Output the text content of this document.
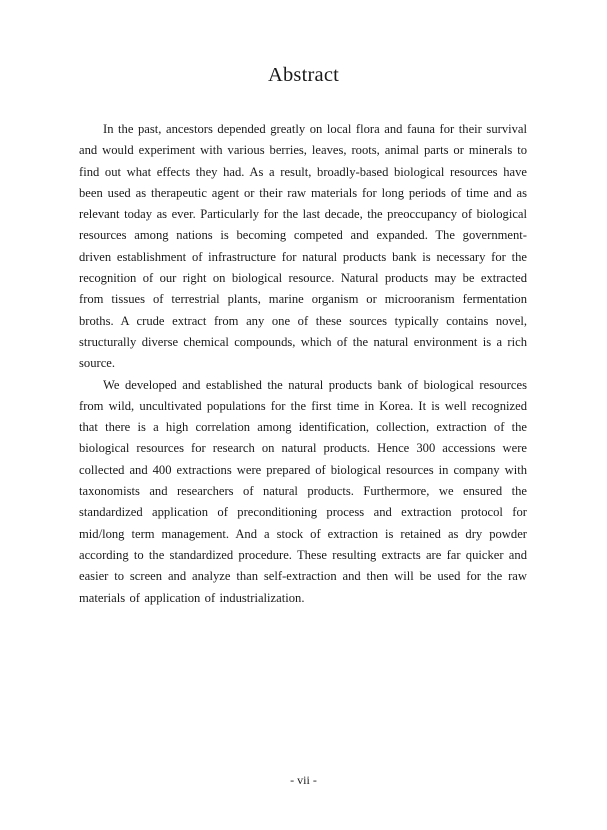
Abstract

In the past, ancestors depended greatly on local flora and fauna for their survival and would experiment with various berries, leaves, roots, animal parts or minerals to find out what effects they had. As a result, broadly-based biological resources have been used as therapeutic agent or their raw materials for long periods of time and as relevant today as ever. Particularly for the last decade, the preoccupancy of biological resources among nations is becoming competed and expanded. The government-driven establishment of infrastructure for natural products bank is necessary for the recognition of our right on biological resource. Natural products may be extracted from tissues of terrestrial plants, marine organism or microoranism fermentation broths. A crude extract from any one of these sources typically contains novel, structurally diverse chemical compounds, which of the natural environment is a rich source.

We developed and established the natural products bank of biological resources from wild, uncultivated populations for the first time in Korea. It is well recognized that there is a high correlation among identification, collection, extraction of the biological resources for research on natural products. Hence 300 accessions were collected and 400 extractions were prepared of biological resources in company with taxonomists and researchers of natural products. Furthermore, we ensured the standardized application of preconditioning process and extraction protocol for mid/long term management. And a stock of extraction is retained as dry powder according to the standardized procedure. These resulting extracts are far quicker and easier to screen and analyze than self-extraction and then will be used for the raw materials of application of industrialization.

- vii -
